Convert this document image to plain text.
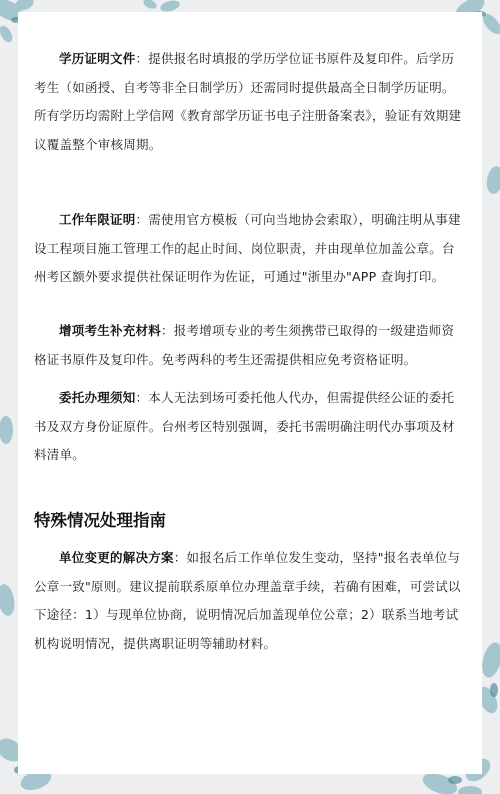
学历证明文件：提供报名时填报的学历学位证书原件及复印件。后学历考生（如函授、自考等非全日制学历）还需同时提供最高全日制学历证明。所有学历均需附上学信网《教育部学历证书电子注册备案表》，验证有效期建议覆盖整个审核周期。

工作年限证明：需使用官方模板（可向当地协会索取），明确注明从事建设工程项目施工管理工作的起止时间、岗位职责，并由现单位加盖公章。台州考区额外要求提供社保证明作为佐证，可通过"浙里办"APP 查询打印。

增项考生补充材料：报考增项专业的考生须携带已取得的一级建造师资格证书原件及复印件。免考两科的考生还需提供相应免考资格证明。

委托办理须知：本人无法到场可委托他人代办，但需提供经公证的委托书及双方身份证原件。台州考区特别强调，委托书需明确注明代办事项及材料清单。

特殊情况处理指南

单位变更的解决方案：如报名后工作单位发生变动，坚持"报名表单位与公章一致"原则。建议提前联系原单位办理盖章手续，若确有困难，可尝试以下途径：1）与现单位协商，说明情况后加盖现单位公章；2）联系当地考试机构说明情况，提供离职证明等辅助材料。
